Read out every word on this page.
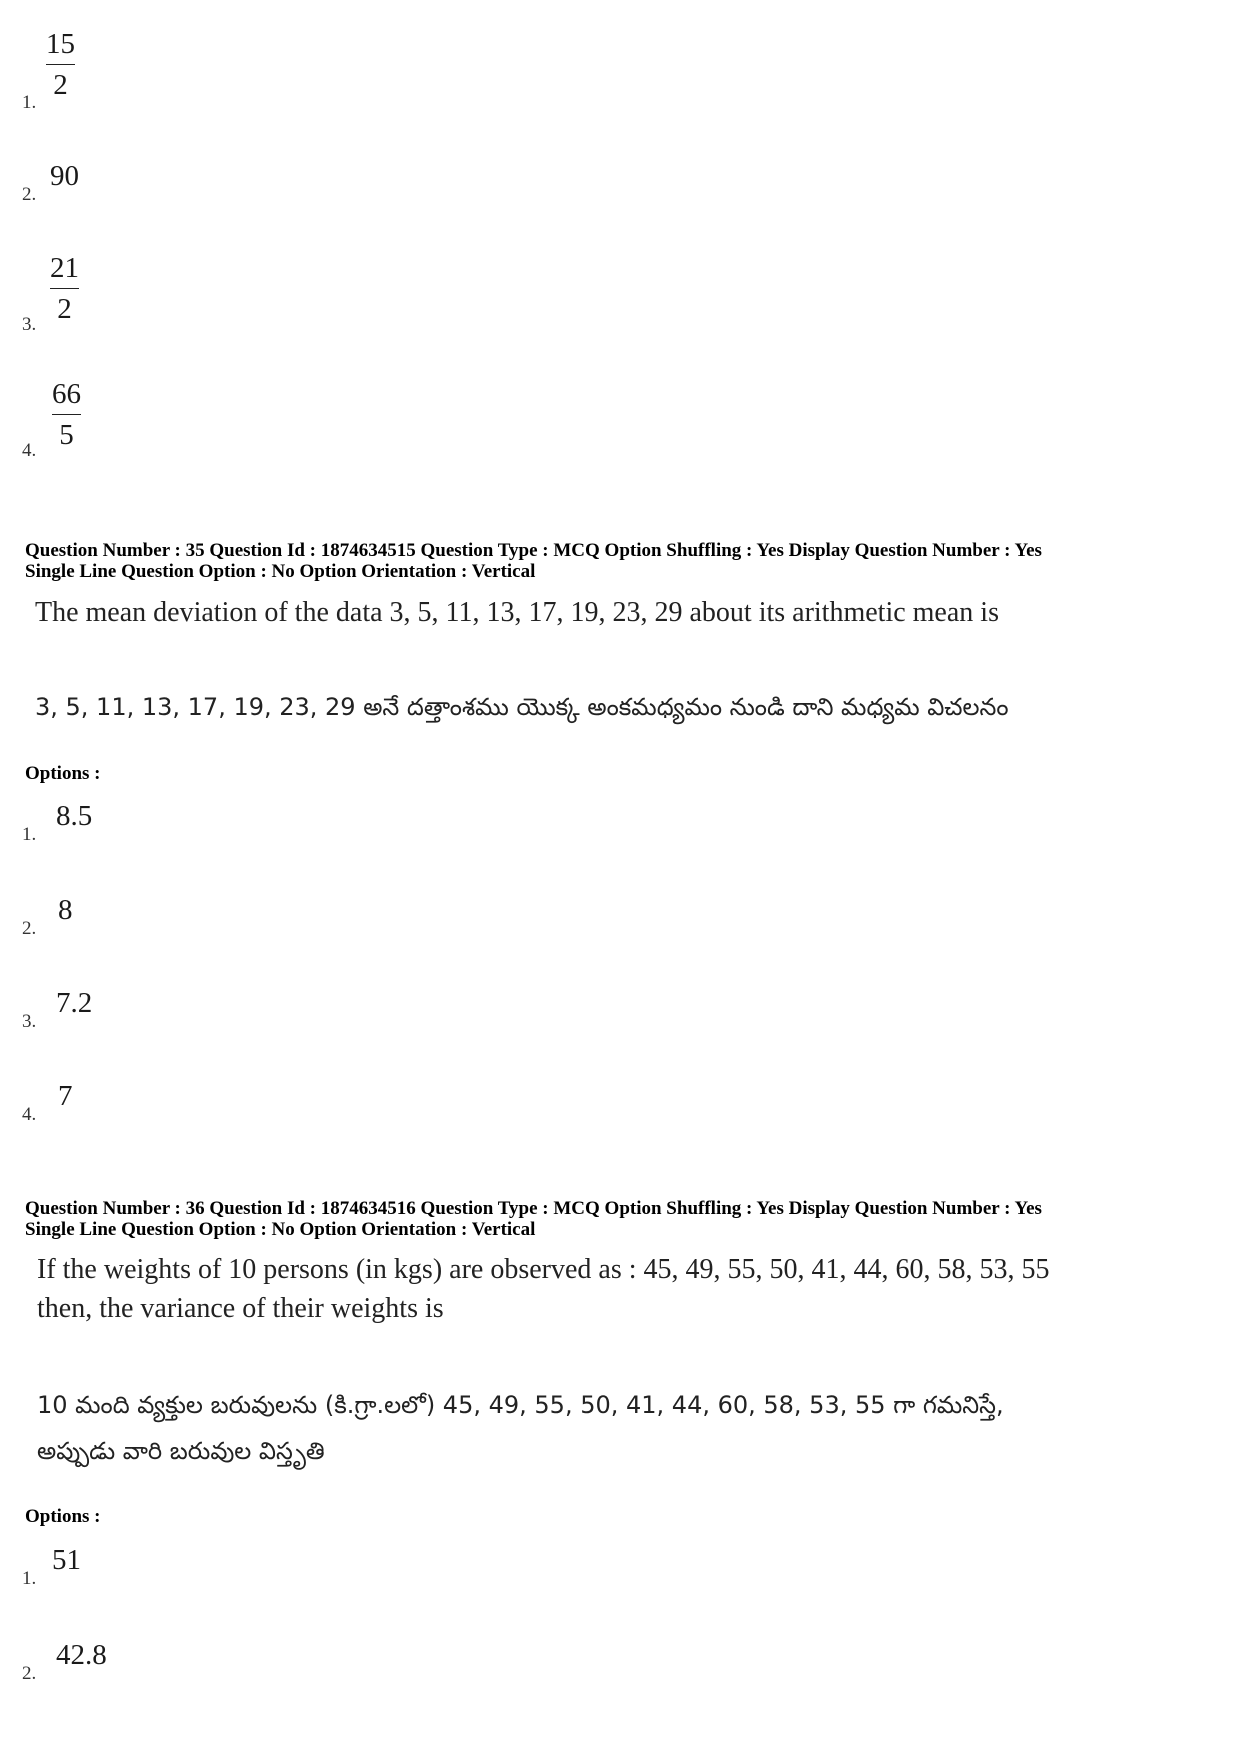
1.
15
2
2.
90
3.
21
2
4.
66
5
Question Number : 35 Question Id : 1874634515 Question Type : MCQ Option Shuffling : Yes Display Question Number : Yes
Single Line Question Option : No Option Orientation : Vertical
The mean deviation of the data 3, 5, 11, 13, 17, 19, 23, 29 about its arithmetic mean is
3, 5, 11, 13, 17, 19, 23, 29 అనే దత్తాంశము యొక్క అంకమధ్యమం నుండి దాని మధ్యమ విచలనం
Options :
1.
8.5
2.
8
3.
7.2
4.
7
Question Number : 36 Question Id : 1874634516 Question Type : MCQ Option Shuffling : Yes Display Question Number : Yes
Single Line Question Option : No Option Orientation : Vertical
If the weights of 10 persons (in kgs) are observed as : 45, 49, 55, 50, 41, 44, 60, 58, 53, 55
then, the variance of their weights is
10 మంది వ్యక్తుల బరువులను (కి.గ్రా.లలో) 45, 49, 55, 50, 41, 44, 60, 58, 53, 55 గా గమనిస్తే,
అప్పుడు వారి బరువుల విస్తృతి
Options :
1.
51
2.
42.8
